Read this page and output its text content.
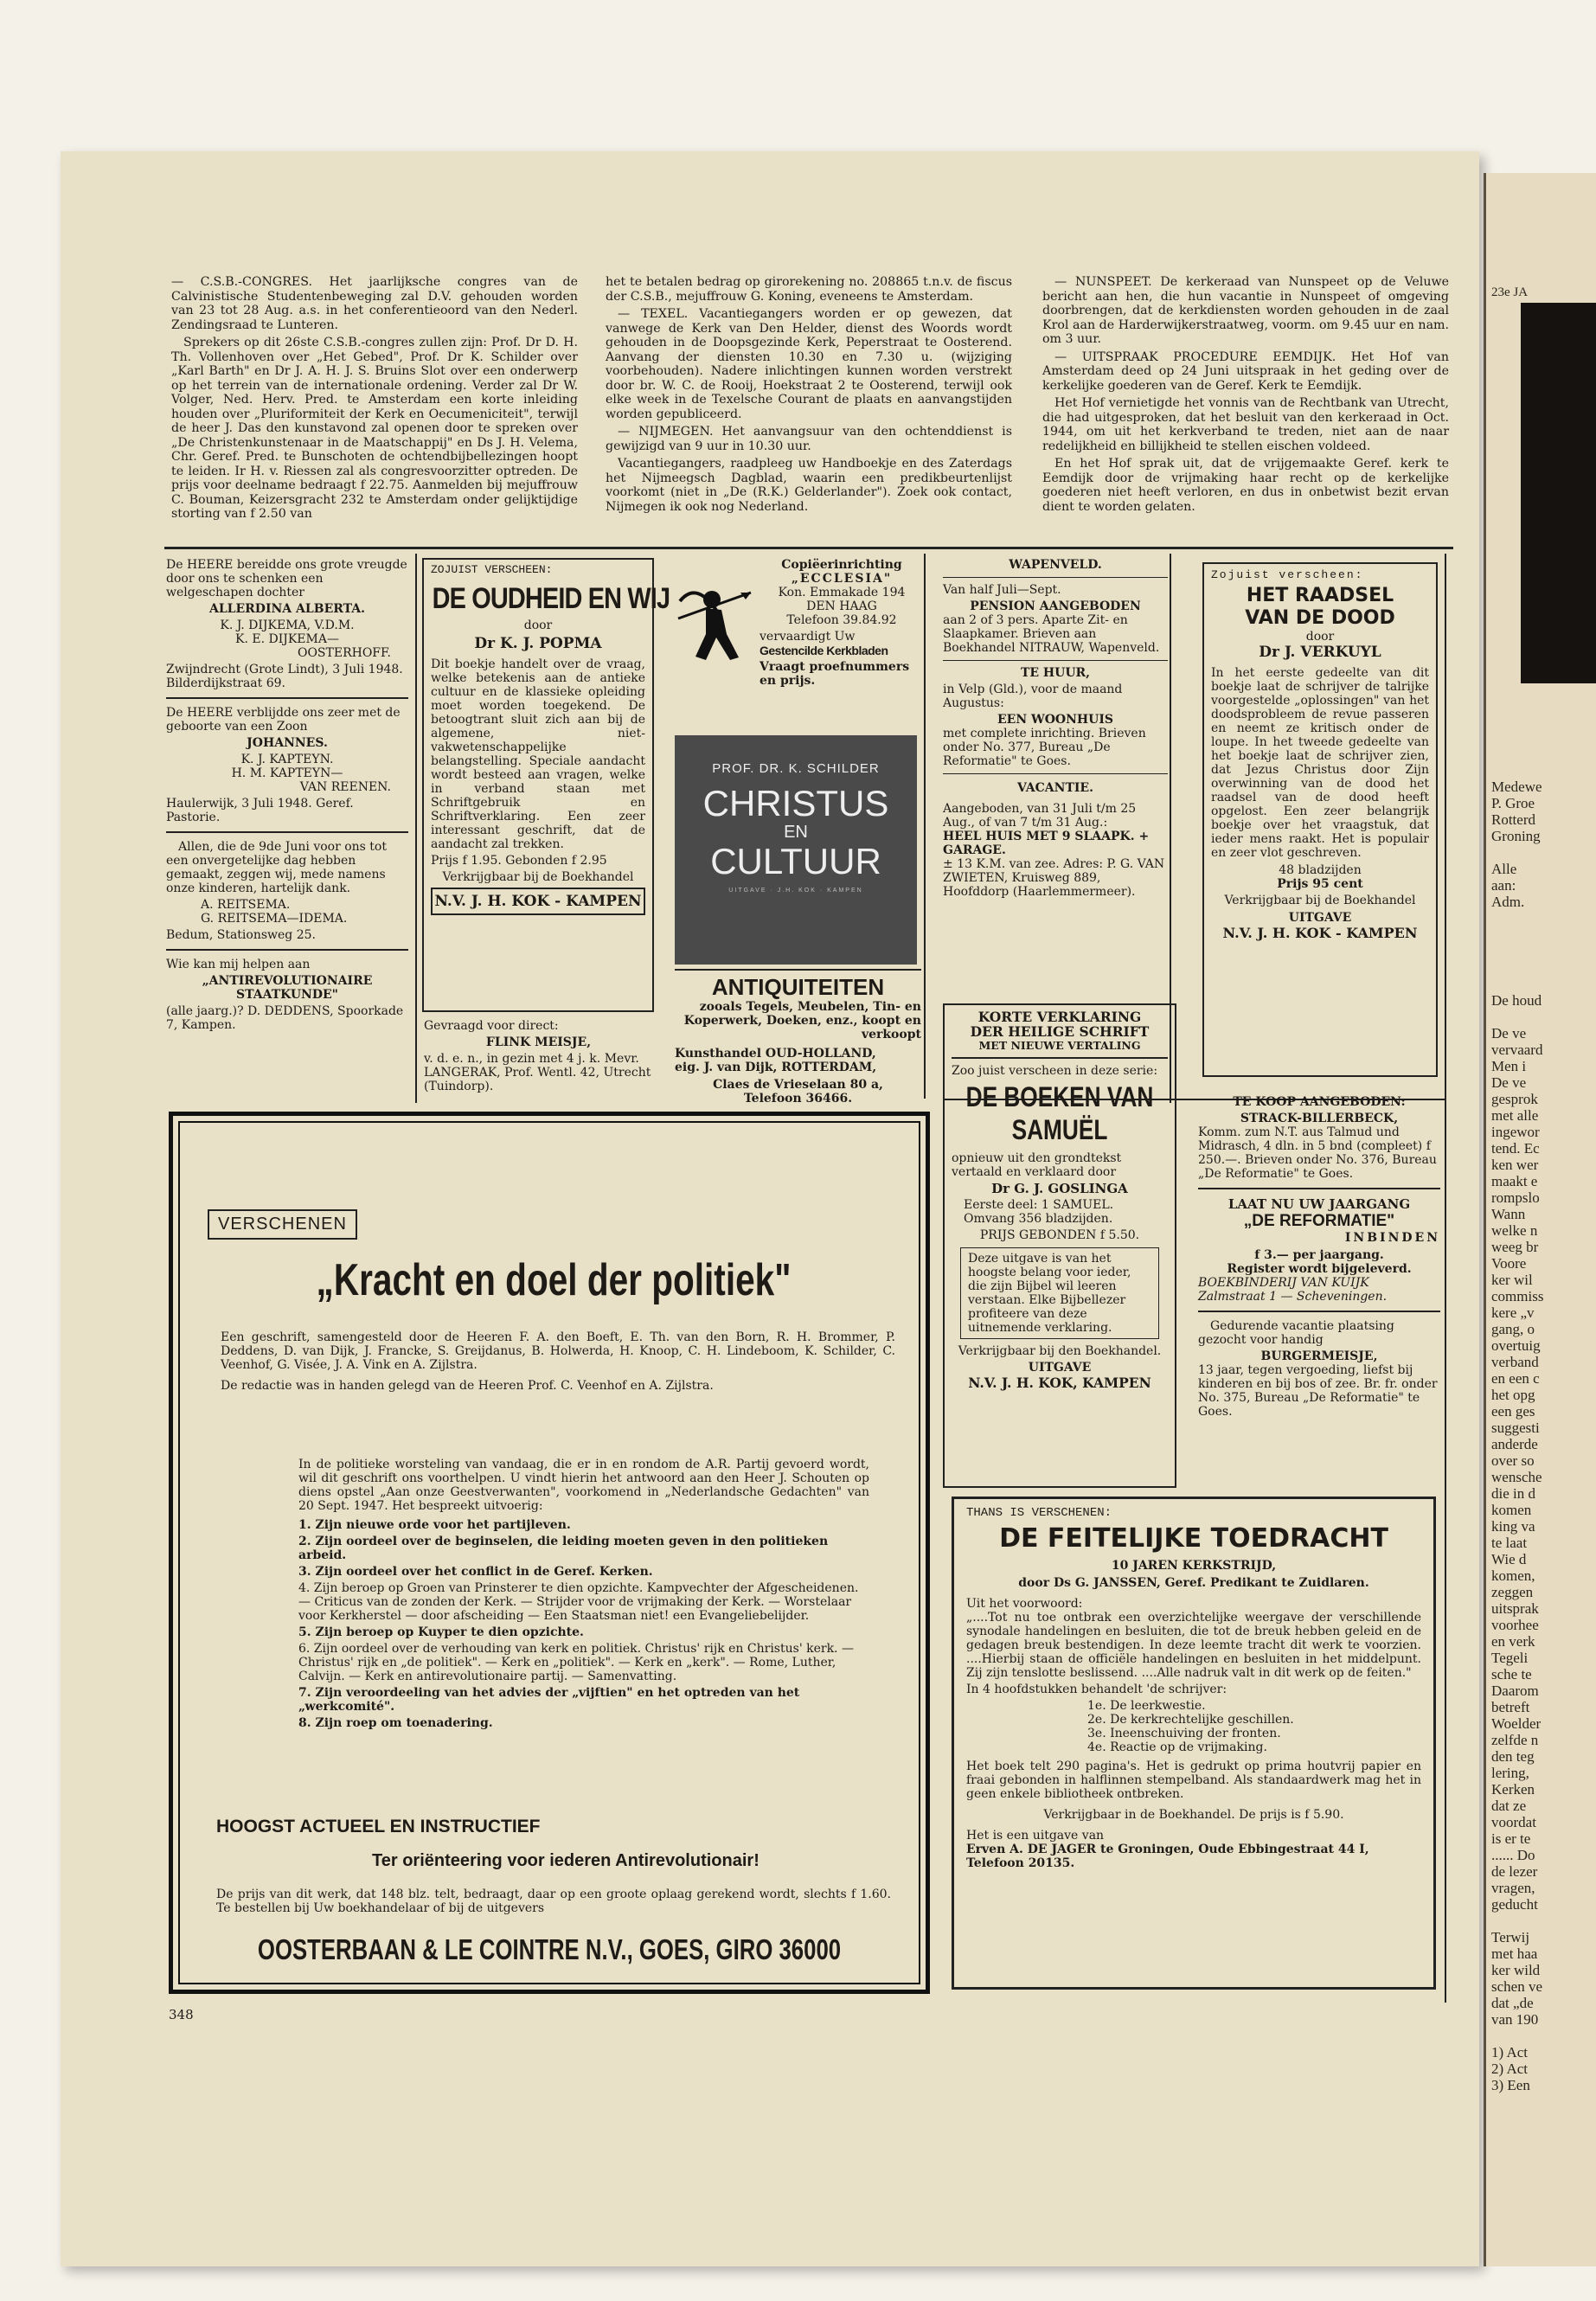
23e JA
Medewe
P. Groe
Rotterd
Groning
Alle
aan:
Adm.
De houd
De ve
vervaard
Men i
De ve
gesprok
met alle
ingewor
tend. Ec
ken wer
maakt e
rompslo
Wann
welke n
weeg br
Voore
ker wil
commiss
kere „v
gang, o
overtuig
verband
en een c
het opg
een ges
suggesti
anderde
over so
wensche
die in d
komen
king va
te laat
Wie d
komen,
zeggen
uitsprak
voorhee
en verk
Tegeli
sche te
Daarom
betreft
Woelder
zelfde n
den teg
lering,
Kerken
dat ze
voordat
is er te
...... Do
de lezer
vragen,
geducht
Terwij
met haa
ker wild
schen ve
dat „de
van 190
1) Act
2) Act
3) Een

— C.S.B.-CONGRES. Het jaarlijksche congres van de Calvinistische Studentenbeweging zal D.V. gehouden worden van 23 tot 28 Aug. a.s. in het conferentieoord van den Nederl. Zendingsraad te Lunteren.

Sprekers op dit 26ste C.S.B.-congres zullen zijn: Prof. Dr D. H. Th. Vollenhoven over „Het Gebed", Prof. Dr K. Schilder over „Karl Barth" en Dr J. A. H. J. S. Bruins Slot over een onderwerp op het terrein van de internationale ordening. Verder zal Dr W. Volger, Ned. Herv. Pred. te Amsterdam een korte inleiding houden over „Pluriformiteit der Kerk en Oecumeniciteit", terwijl de heer J. Das den kunstavond zal openen door te spreken over „De Christenkunstenaar in de Maatschappij" en Ds J. H. Velema, Chr. Geref. Pred. te Bunschoten de ochtendbijbellezingen hoopt te leiden. Ir H. v. Riessen zal als congresvoorzitter optreden. De prijs voor deelname bedraagt f 22.75. Aanmelden bij mejuffrouw C. Bouman, Keizersgracht 232 te Amsterdam onder gelijktijdige storting van f 2.50 van

het te betalen bedrag op girorekening no. 208865 t.n.v. de fiscus der C.S.B., mejuffrouw G. Koning, eveneens te Amsterdam.

— TEXEL. Vacantiegangers worden er op gewezen, dat vanwege de Kerk van Den Helder, dienst des Woords wordt gehouden in de Doopsgezinde Kerk, Peperstraat te Oosterend. Aanvang der diensten 10.30 en 7.30 u. (wijziging voorbehouden). Nadere inlichtingen kunnen worden verstrekt door br. W. C. de Rooij, Hoekstraat 2 te Oosterend, terwijl ook elke week in de Texelsche Courant de plaats en aanvangstijden worden gepubliceerd.

— NIJMEGEN. Het aanvangsuur van den ochtenddienst is gewijzigd van 9 uur in 10.30 uur.

Vacantiegangers, raadpleeg uw Handboekje en des Zaterdags het Nijmeegsch Dagblad, waarin een predikbeurtenlijst voorkomt (niet in „De (R.K.) Gelderlander"). Zoek ook contact, Nijmegen ik ook nog Nederland.

— NUNSPEET. De kerkeraad van Nunspeet op de Veluwe bericht aan hen, die hun vacantie in Nunspeet of omgeving doorbrengen, dat de kerkdiensten worden gehouden in de zaal Krol aan de Harderwijkerstraatweg, voorm. om 9.45 uur en nam. om 3 uur.

— UITSPRAAK PROCEDURE EEMDIJK. Het Hof van Amsterdam deed op 24 Juni uitspraak in het geding over de kerkelijke goederen van de Geref. Kerk te Eemdijk.

Het Hof vernietigde het vonnis van de Rechtbank van Utrecht, die had uitgesproken, dat het besluit van den kerkeraad in Oct. 1944, om uit het kerkverband te treden, niet aan de naar redelijkheid en billijkheid te stellen eischen voldeed.

En het Hof sprak uit, dat de vrijgemaakte Geref. kerk te Eemdijk door de vrijmaking haar recht op de kerkelijke goederen niet heeft verloren, en dus in onbetwist bezit ervan dient te worden gelaten.

De HEERE bereidde ons grote vreugde door ons te schenken een welgeschapen dochter
ALLERDINA ALBERTA.
K. J. DIJKEMA, V.D.M.
K. E. DIJKEMA—
OOSTERHOFF.
Zwijndrecht (Grote Lindt), 3 Juli 1948. Bilderdijkstraat 69.
De HEERE verblijdde ons zeer met de geboorte van een Zoon
JOHANNES.
K. J. KAPTEYN.
H. M. KAPTEYN—
VAN REENEN.
Haulerwijk, 3 Juli 1948. Geref. Pastorie.
Allen, die de 9de Juni voor ons tot een onvergetelijke dag hebben gemaakt, zeggen wij, mede namens onze kinderen, hartelijk dank.
A. REITSEMA.
G. REITSEMA—IDEMA.
Bedum, Stationsweg 25.
Wie kan mij helpen aan
„ANTIREVOLUTIONAIRE STAATKUNDE"
(alle jaarg.)? D. DEDDENS, Spoorkade 7, Kampen.
ZOJUIST VERSCHEEN:
DE OUDHEID EN WIJ
door
Dr K. J. POPMA
Dit boekje handelt over de vraag, welke betekenis aan de antieke cultuur en de klassieke opleiding moet worden toegekend. De betoogtrant sluit zich aan bij de algemene, niet-vakwetenschappelijke belangstelling. Speciale aandacht wordt besteed aan vragen, welke in verband staan met Schriftgebruik en Schriftverklaring. Een zeer interessant geschrift, dat de aandacht zal trekken.
Prijs f 1.95. Gebonden f 2.95
Verkrijgbaar bij de Boekhandel
N.V. J. H. KOK - KAMPEN
Gevraagd voor direct:
FLINK MEISJE,
v. d. e. n., in gezin met 4 j. k. Mevr. LANGERAK, Prof. Wentl. 42, Utrecht (Tuindorp).
Copiëerinrichting
„ECCLESIA"
Kon. Emmakade 194
DEN HAAG
Telefoon 39.84.92
vervaardigt Uw
Gestencilde Kerkbladen
Vraagt proefnummers en prijs.
PROF. DR. K. SCHILDER
CHRISTUS
EN
CULTUUR
UITGAVE · J.H. KOK · KAMPEN
ANTIQUITEITEN
zooals Tegels, Meubelen, Tin- en Koperwerk, Doeken, enz., koopt en verkoopt
Kunsthandel OUD-HOLLAND,
eig. J. van Dijk, ROTTERDAM,
Claes de Vrieselaan 80 a,
Telefoon 36466.
WAPENVELD.
Van half Juli—Sept.
PENSION AANGEBODEN
aan 2 of 3 pers. Aparte Zit- en Slaapkamer. Brieven aan Boekhandel NITRAUW, Wapenveld.
TE HUUR,
in Velp (Gld.), voor de maand Augustus:
EEN WOONHUIS
met complete inrichting. Brieven onder No. 377, Bureau „De Reformatie" te Goes.
VACANTIE.
Aangeboden, van 31 Juli t/m 25 Aug., of van 7 t/m 31 Aug.:
HEEL HUIS MET 9 SLAAPK. + GARAGE.
± 13 K.M. van zee. Adres: P. G. VAN ZWIETEN, Kruisweg 889, Hoofddorp (Haarlemmermeer).
Zojuist verscheen:
HET RAADSEL
VAN DE DOOD
door
Dr J. VERKUYL
In het eerste gedeelte van dit boekje laat de schrijver de talrijke voorgestelde „oplossingen" van het doodsprobleem de revue passeren en neemt ze kritisch onder de loupe. In het tweede gedeelte van het boekje laat de schrijver zien, dat Jezus Christus door Zijn overwinning van de dood het raadsel van de dood heeft opgelost. Een zeer belangrijk boekje over het vraagstuk, dat ieder mens raakt. Het is populair en zeer vlot geschreven.
48 bladzijden
Prijs 95 cent
Verkrijgbaar bij de Boekhandel
UITGAVE
N.V. J. H. KOK - KAMPEN
KORTE VERKLARING
DER HEILIGE SCHRIFT
MET NIEUWE VERTALING
Zoo juist verscheen in deze serie:
DE BOEKEN VAN
SAMUËL
opnieuw uit den grondtekst vertaald en verklaard door
Dr G. J. GOSLINGA
Eerste deel: 1 SAMUEL.
Omvang 356 bladzijden.
PRIJS GEBONDEN f 5.50.
Deze uitgave is van het hoogste belang voor ieder, die zijn Bijbel wil leeren verstaan. Elke Bijbellezer profiteere van deze uitnemende verklaring.
Verkrijgbaar bij den Boekhandel.
UITGAVE
N.V. J. H. KOK, KAMPEN
TE KOOP AANGEBODEN:
STRACK-BILLERBECK,
Komm. zum N.T. aus Talmud und Midrasch, 4 dln. in 5 bnd (compleet) f 250.—. Brieven onder No. 376, Bureau „De Reformatie" te Goes.
LAAT NU UW JAARGANG
„DE REFORMATIE"
INBINDEN
f 3.— per jaargang.
Register wordt bijgeleverd.
BOEKBINDERIJ VAN KUIJK
Zalmstraat 1 — Scheveningen.
Gedurende vacantie plaatsing gezocht voor handig
BURGERMEISJE,
13 jaar, tegen vergoeding, liefst bij kinderen en bij bos of zee. Br. fr. onder No. 375, Bureau „De Reformatie" te Goes.
VERSCHENEN
„Kracht en doel der politiek"
Een geschrift, samengesteld door de Heeren F. A. den Boeft, E. Th. van den Born, R. H. Brommer, P. Deddens, D. van Dijk, J. Francke, S. Greijdanus, B. Holwerda, H. Knoop, C. H. Lindeboom, K. Schilder, C. Veenhof, G. Visée, J. A. Vink en A. Zijlstra.
De redactie was in handen gelegd van de Heeren Prof. C. Veenhof en A. Zijlstra.
In de politieke worsteling van vandaag, die er in en rondom de A.R. Partij gevoerd wordt, wil dit geschrift ons voorthelpen. U vindt hierin het antwoord aan den Heer J. Schouten op diens opstel „Aan onze Geestverwanten", voorkomend in „Nederlandsche Gedachten" van 20 Sept. 1947. Het bespreekt uitvoerig:
1. Zijn nieuwe orde voor het partijleven.
2. Zijn oordeel over de beginselen, die leiding moeten geven in den politieken arbeid.
3. Zijn oordeel over het conflict in de Geref. Kerken.
4. Zijn beroep op Groen van Prinsterer te dien opzichte. Kampvechter der Afgescheidenen. — Criticus van de zonden der Kerk. — Strijder voor de vrijmaking der Kerk. — Worstelaar voor Kerkherstel — door afscheiding — Een Staatsman niet! een Evangeliebelijder.
5. Zijn beroep op Kuyper te dien opzichte.
6. Zijn oordeel over de verhouding van kerk en politiek. Christus' rijk en Christus' kerk. — Christus' rijk en „de politiek". — Kerk en „politiek". — Kerk en „kerk". — Rome, Luther, Calvijn. — Kerk en antirevolutionaire partij. — Samenvatting.
7. Zijn veroordeeling van het advies der „vijftien" en het optreden van het „werkcomité".
8. Zijn roep om toenadering.
HOOGST ACTUEEL EN INSTRUCTIEF
Ter oriënteering voor iederen Antirevolutionair!
De prijs van dit werk, dat 148 blz. telt, bedraagt, daar op een groote oplaag gerekend wordt, slechts f 1.60. Te bestellen bij Uw boekhandelaar of bij de uitgevers
OOSTERBAAN & LE COINTRE N.V., GOES, GIRO 36000
THANS IS VERSCHENEN:
DE FEITELIJKE TOEDRACHT
10 JAREN KERKSTRIJD,
door Ds G. JANSSEN, Geref. Predikant te Zuidlaren.
Uit het voorwoord:
„....Tot nu toe ontbrak een overzichtelijke weergave der verschillende synodale handelingen en besluiten, die tot de breuk hebben geleid en de gedagen breuk bestendigen. In deze leemte tracht dit werk te voorzien. ....Hierbij staan de officiële handelingen en besluiten in het middelpunt. Zij zijn tenslotte beslissend. ....Alle nadruk valt in dit werk op de feiten."
In 4 hoofdstukken behandelt 'de schrijver:
1e. De leerkwestie.
2e. De kerkrechtelijke geschillen.
3e. Ineenschuiving der fronten.
4e. Reactie op de vrijmaking.
Het boek telt 290 pagina's. Het is gedrukt op prima houtvrij papier en fraai gebonden in halflinnen stempelband. Als standaardwerk mag het in geen enkele bibliotheek ontbreken.
Verkrijgbaar in de Boekhandel. De prijs is f 5.90.
Het is een uitgave van
Erven A. DE JAGER te Groningen, Oude Ebbingestraat 44 I, Telefoon 20135.
348
